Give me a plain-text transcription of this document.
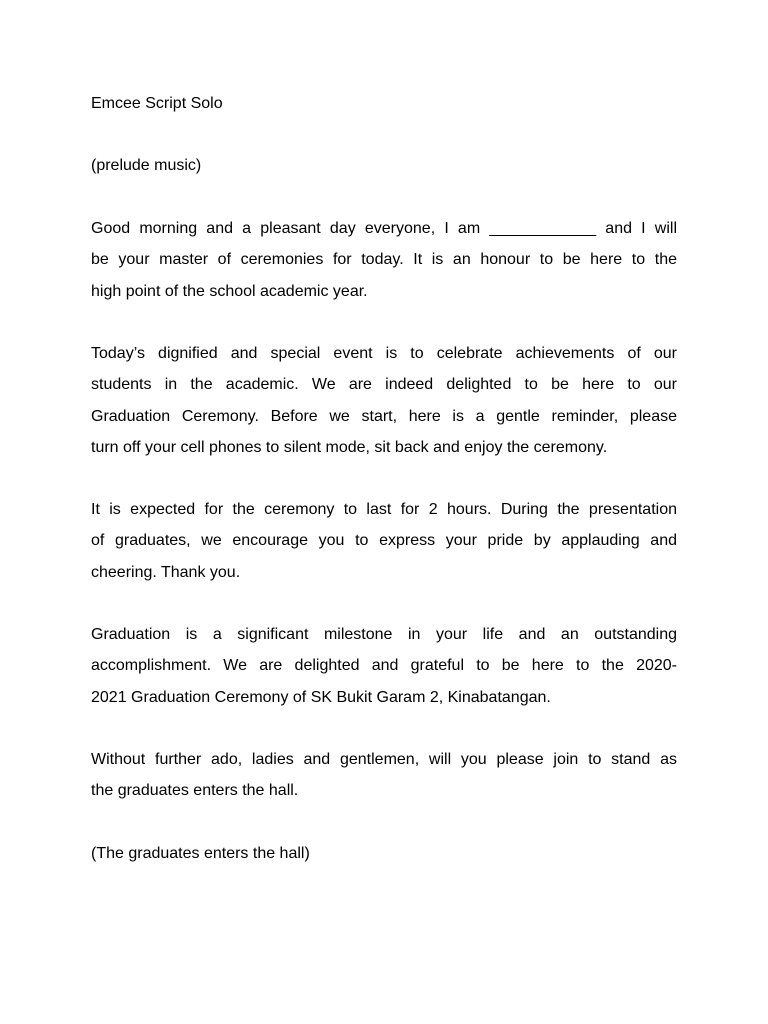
Emcee Script Solo

(prelude music)

Good morning and a pleasant day everyone, I am ____________ and I will
be your master of ceremonies for today. It is an honour to be here to the
high point of the school academic year.

Today’s dignified and special event is to celebrate achievements of our
students in the academic. We are indeed delighted to be here to our
Graduation Ceremony. Before we start, here is a gentle reminder, please
turn off your cell phones to silent mode, sit back and enjoy the ceremony.

It is expected for the ceremony to last for 2 hours. During the presentation
of graduates, we encourage you to express your pride by applauding and
cheering. Thank you.

Graduation is a significant milestone in your life and an outstanding
accomplishment. We are delighted and grateful to be here to the 2020-
2021 Graduation Ceremony of SK Bukit Garam 2, Kinabatangan.

Without further ado, ladies and gentlemen, will you please join to stand as
the graduates enters the hall.

(The graduates enters the hall)
